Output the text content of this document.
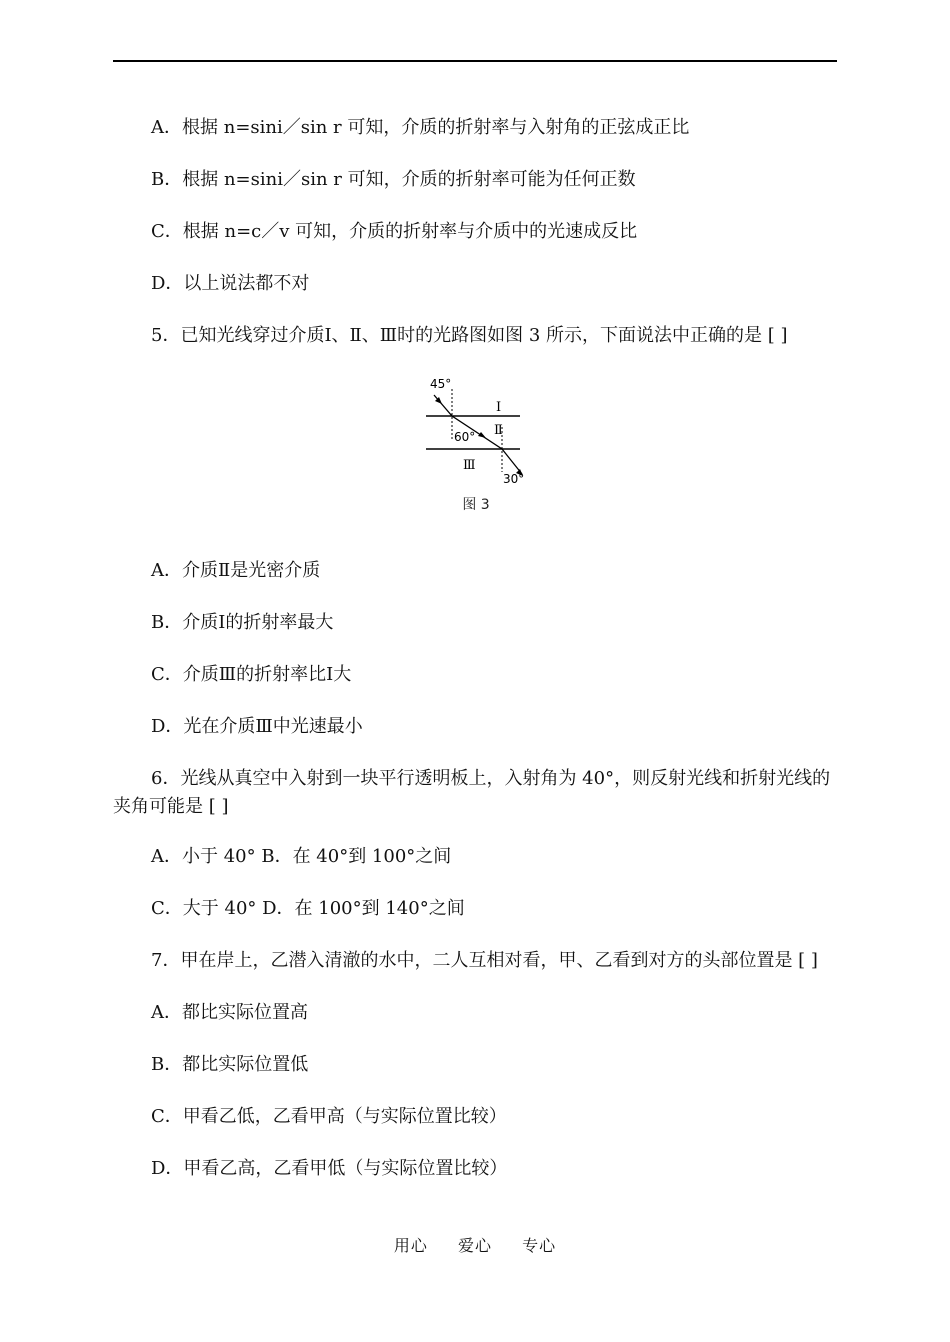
A．根据 n=sini／sin r 可知，介质的折射率与入射角的正弦成正比
B．根据 n=sini／sin r 可知，介质的折射率可能为任何正数
C．根据 n=c／v 可知，介质的折射率与介质中的光速成反比
D．以上说法都不对
5．已知光线穿过介质Ⅰ、Ⅱ、Ⅲ时的光路图如图 3 所示，下面说法中正确的是 [ ]
45°
60°
30°
Ⅰ
Ⅱ
Ⅲ
图 3
A．介质Ⅱ是光密介质
B．介质Ⅰ的折射率最大
C．介质Ⅲ的折射率比Ⅰ大
D．光在介质Ⅲ中光速最小
6．光线从真空中入射到一块平行透明板上，入射角为 40°，则反射光线和折射光线的夹角可能是 [ ]
A．小于 40° B．在 40°到 100°之间
C．大于 40° D．在 100°到 140°之间
7．甲在岸上，乙潜入清澈的水中，二人互相对看，甲、乙看到对方的头部位置是 [ ]
A．都比实际位置高
B．都比实际位置低
C．甲看乙低，乙看甲高（与实际位置比较）
D．甲看乙高，乙看甲低（与实际位置比较）
用心 爱心 专心
